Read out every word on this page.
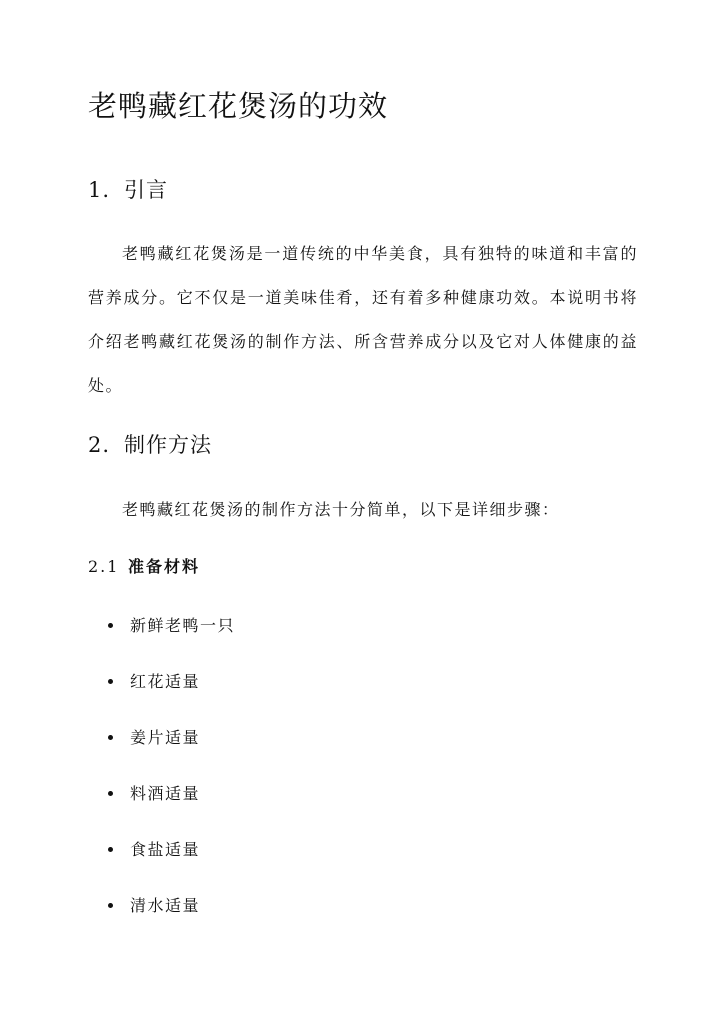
老鸭藏红花煲汤的功效
1. 引言

老鸭藏红花煲汤是一道传统的中华美食，具有独特的味道和丰富的营养成分。它不仅是一道美味佳肴，还有着多种健康功效。本说明书将介绍老鸭藏红花煲汤的制作方法、所含营养成分以及它对人体健康的益处。

2. 制作方法

老鸭藏红花煲汤的制作方法十分简单，以下是详细步骤：

2.1 准备材料
新鲜老鸭一只
红花适量
姜片适量
料酒适量
食盐适量
清水适量
